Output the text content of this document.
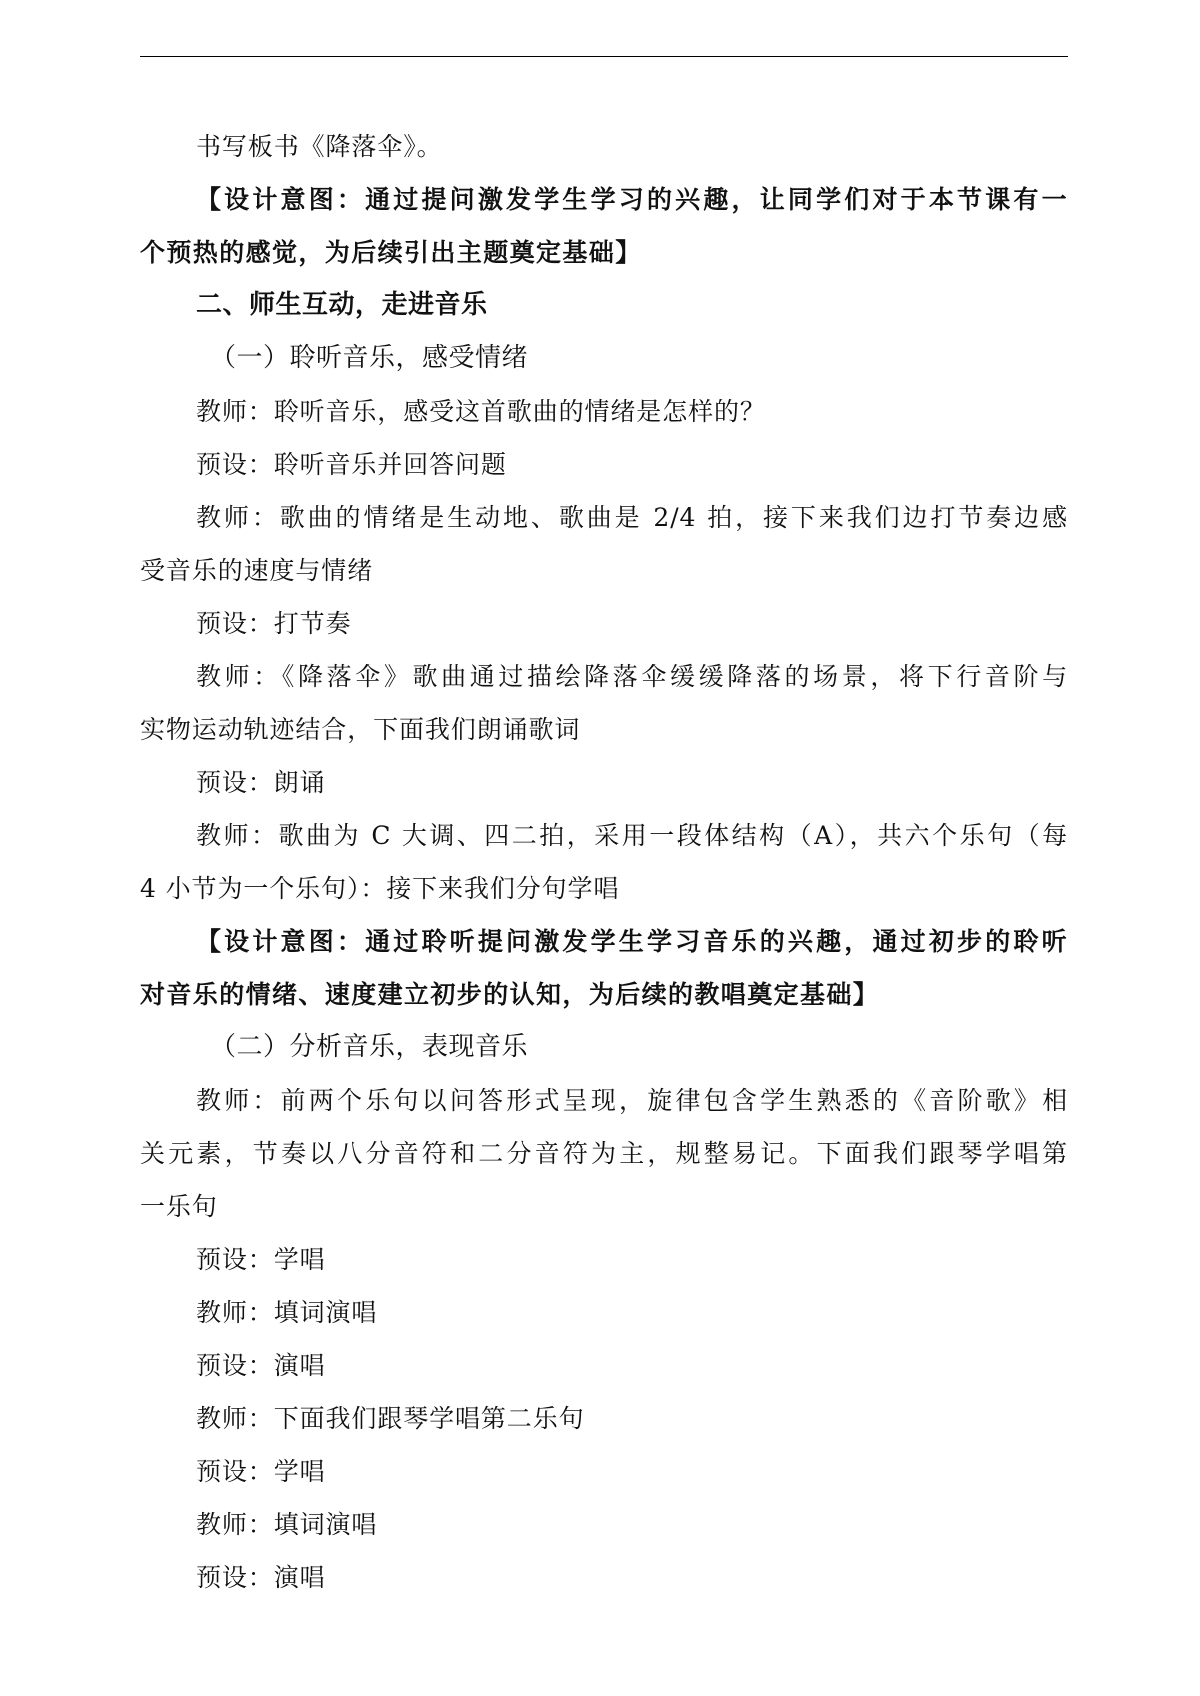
书写板书《降落伞》。
【设计意图：通过提问激发学生学习的兴趣，让同学们对于本节课有一
个预热的感觉，为后续引出主题奠定基础】
二、师生互动，走进音乐
（一）聆听音乐，感受情绪
教师：聆听音乐，感受这首歌曲的情绪是怎样的？
预设：聆听音乐并回答问题
教师：歌曲的情绪是生动地、歌曲是 2/4 拍，接下来我们边打节奏边感
受音乐的速度与情绪
预设：打节奏
教师：《降落伞》歌曲通过描绘降落伞缓缓降落的场景，将下行音阶与
实物运动轨迹结合，下面我们朗诵歌词
预设：朗诵
教师：歌曲为 C 大调、四二拍，采用一段体结构（A），共六个乐句（每
4 小节为一个乐句）：接下来我们分句学唱
【设计意图：通过聆听提问激发学生学习音乐的兴趣，通过初步的聆听
对音乐的情绪、速度建立初步的认知，为后续的教唱奠定基础】
（二）分析音乐，表现音乐
教师：前两个乐句以问答形式呈现，旋律包含学生熟悉的《音阶歌》相
关元素，节奏以八分音符和二分音符为主，规整易记。下面我们跟琴学唱第
一乐句
预设：学唱
教师：填词演唱
预设：演唱
教师：下面我们跟琴学唱第二乐句
预设：学唱
教师：填词演唱
预设：演唱
